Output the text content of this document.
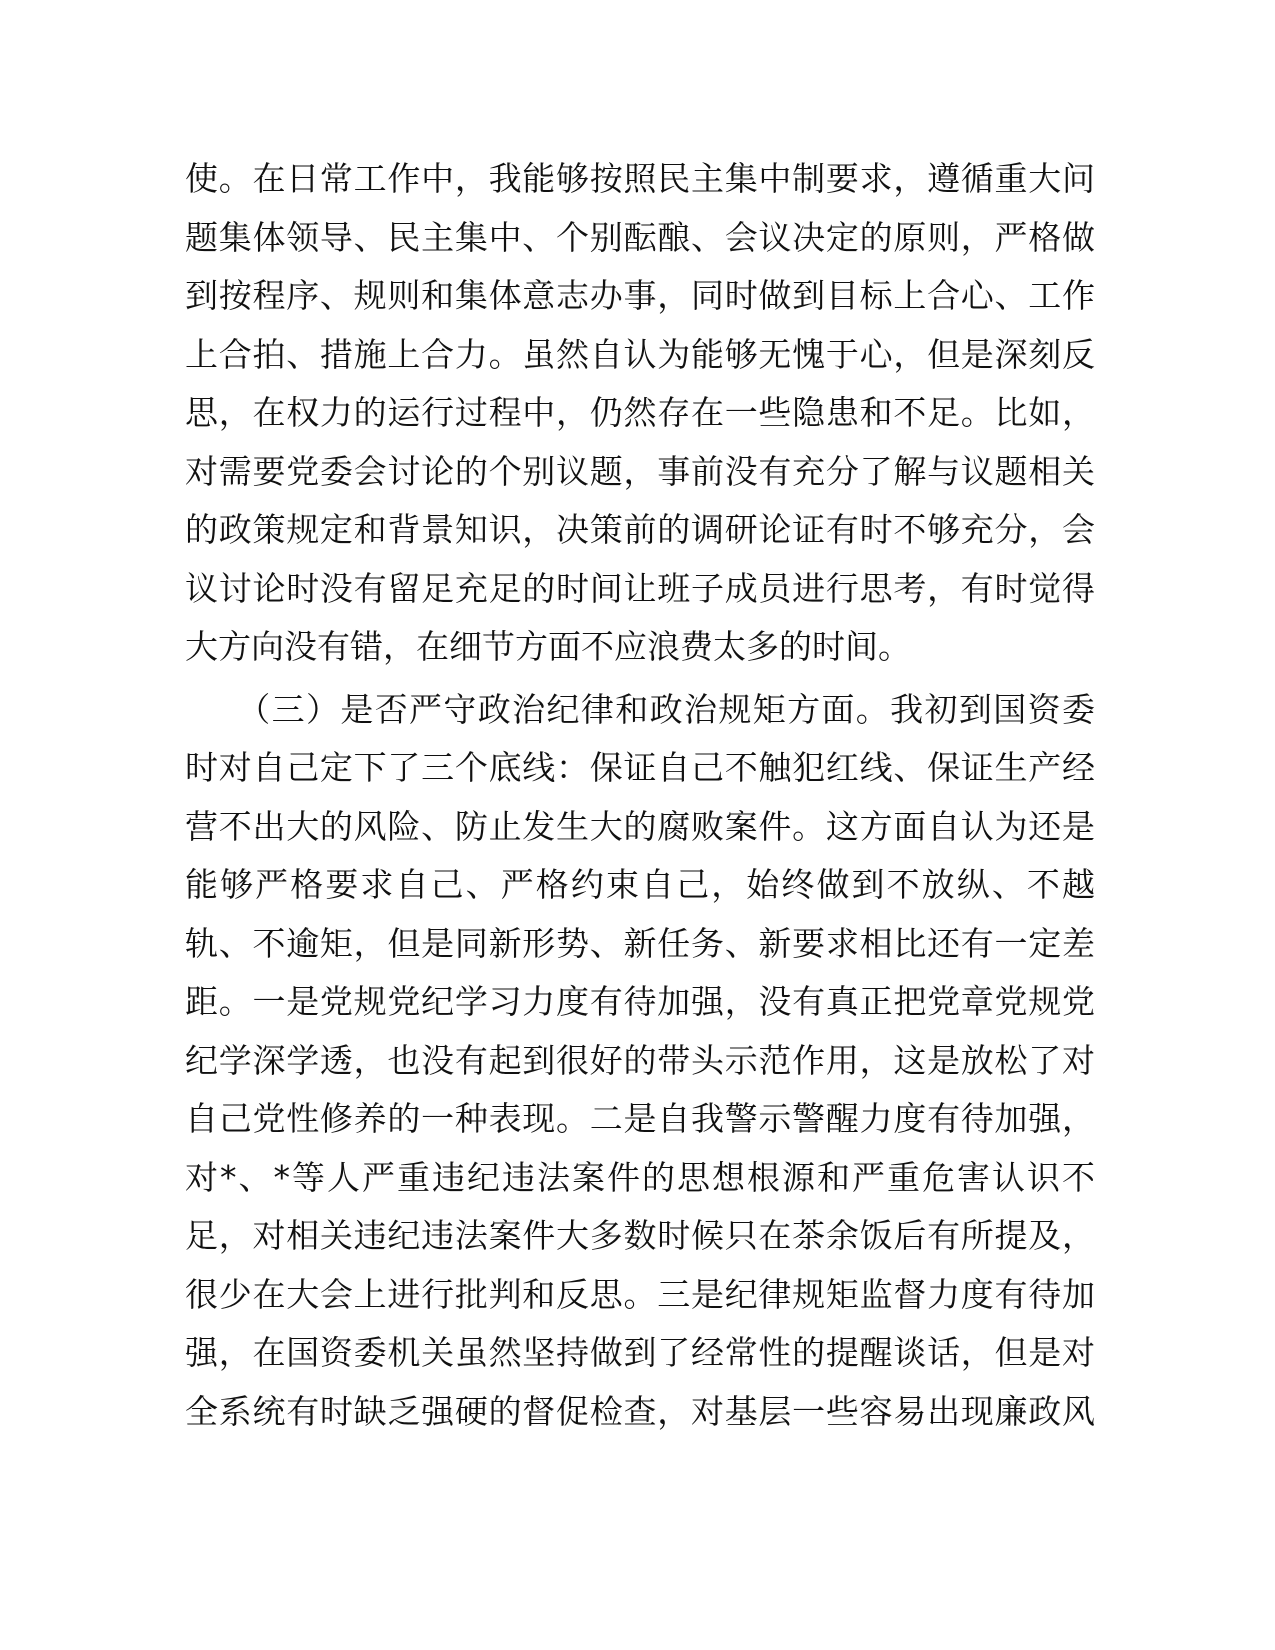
使。在日常工作中，我能够按照民主集中制要求，遵循重大问
题集体领导、民主集中、个别酝酿、会议决定的原则，严格做
到按程序、规则和集体意志办事，同时做到目标上合心、工作
上合拍、措施上合力。虽然自认为能够无愧于心，但是深刻反
思，在权力的运行过程中，仍然存在一些隐患和不足。比如，
对需要党委会讨论的个别议题，事前没有充分了解与议题相关
的政策规定和背景知识，决策前的调研论证有时不够充分，会
议讨论时没有留足充足的时间让班子成员进行思考，有时觉得
大方向没有错，在细节方面不应浪费太多的时间。
　　（三）是否严守政治纪律和政治规矩方面。我初到国资委
时对自己定下了三个底线：保证自己不触犯红线、保证生产经
营不出大的风险、防止发生大的腐败案件。这方面自认为还是
能够严格要求自己、严格约束自己，始终做到不放纵、不越
轨、不逾矩，但是同新形势、新任务、新要求相比还有一定差
距。一是党规党纪学习力度有待加强，没有真正把党章党规党
纪学深学透，也没有起到很好的带头示范作用，这是放松了对
自己党性修养的一种表现。二是自我警示警醒力度有待加强，
对*、*等人严重违纪违法案件的思想根源和严重危害认识不
足，对相关违纪违法案件大多数时候只在茶余饭后有所提及，
很少在大会上进行批判和反思。三是纪律规矩监督力度有待加
强，在国资委机关虽然坚持做到了经常性的提醒谈话，但是对
全系统有时缺乏强硬的督促检查，对基层一些容易出现廉政风
